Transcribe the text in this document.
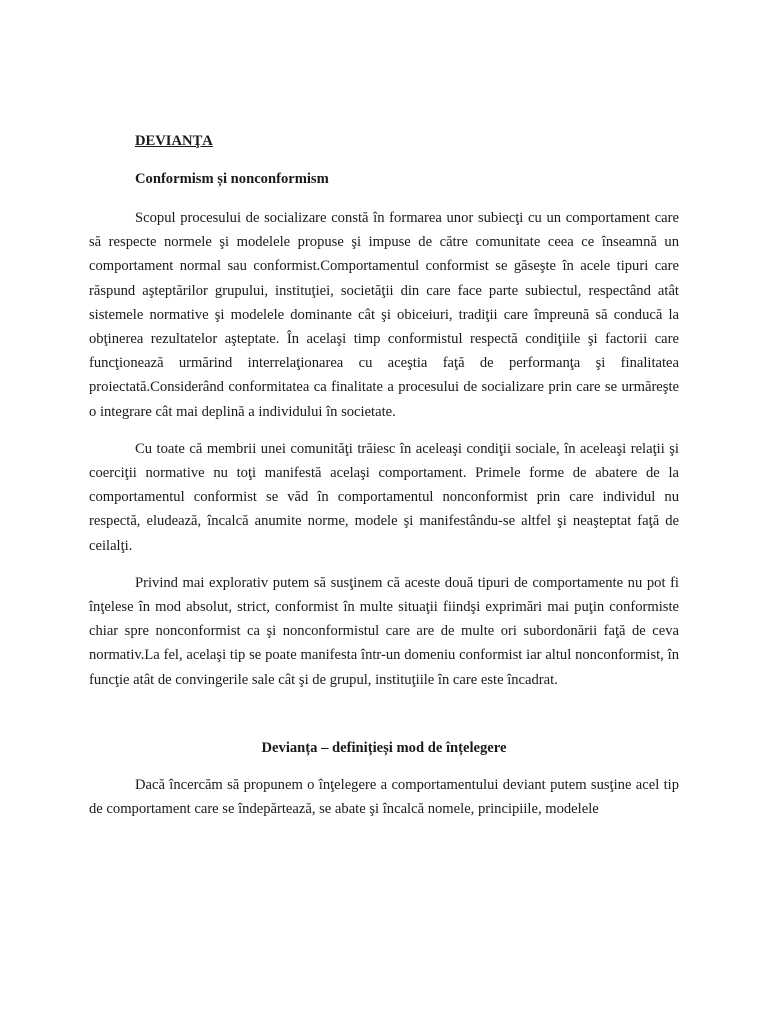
DEVIANŢA
Conformism și nonconformism

Scopul procesului de socializare constă în formarea unor subiecţi cu un comportament care să respecte normele şi modelele propuse şi impuse de către comunitate ceea ce înseamnă un comportament normal sau conformist.Comportamentul conformist se găseşte în acele tipuri care răspund aşteptărilor grupului, instituţiei, societăţii din care face parte subiectul, respectând atât sistemele normative şi modelele dominante cât şi obiceiuri, tradiţii care împreună să conducă la obţinerea rezultatelor aşteptate. În acelaşi timp conformistul respectă condiţiile şi factorii care funcţionează urmărind interrelaţionarea cu aceştia faţă de performanţa şi finalitatea proiectată.Considerând conformitatea ca finalitate a procesului de socializare prin care se urmăreşte o integrare cât mai deplină a individului în societate.

Cu toate că membrii unei comunităţi trăiesc în aceleaşi condiţii sociale, în aceleaşi relaţii şi coerciţii normative nu toţi manifestă acelaşi comportament. Primele forme de abatere de la comportamentul conformist se văd în comportamentul nonconformist prin care individul nu respectă, eludează, încalcă anumite norme, modele şi manifestându-se altfel şi neaşteptat faţă de ceilalţi.

Privind mai explorativ putem să susţinem că aceste două tipuri de comportamente nu pot fi înţelese în mod absolut, strict, conformist în multe situaţii fiindşi exprimări mai puţin conformiste chiar spre nonconformist ca şi nonconformistul care are de multe ori subordonării faţă de ceva normativ.La fel, acelaşi tip se poate manifesta într-un domeniu conformist iar altul nonconformist, în funcţie atât de convingerile sale cât şi de grupul, instituţiile în care este încadrat.

Devianța – definițieși mod de înțelegere

Dacă încercăm să propunem o înţelegere a comportamentului deviant putem susţine acel tip de comportament care se îndepărtează, se abate şi încalcă nomele, principiile, modelele
